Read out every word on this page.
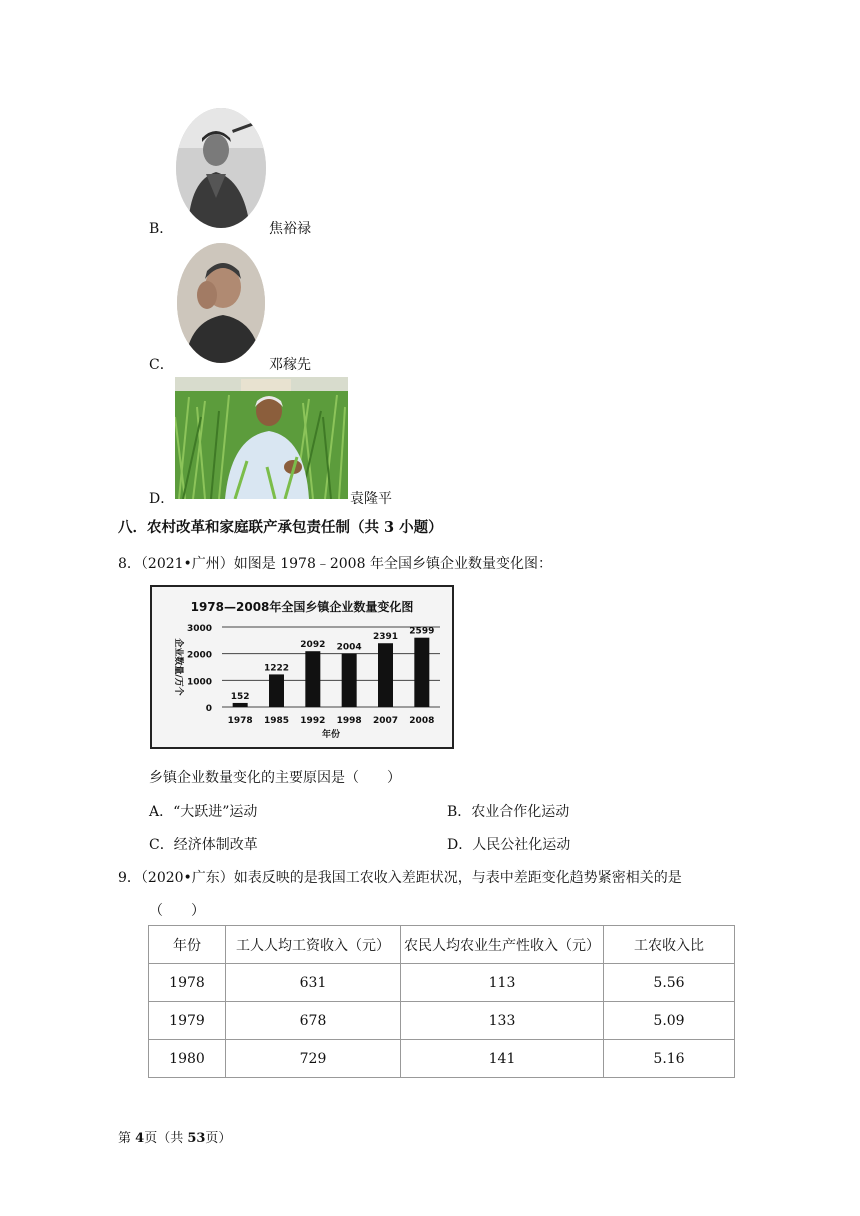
B．	焦裕禄
C．	邓稼先
D．	袁隆平
八．农村改革和家庭联产承包责任制（共 3 小题）
8．（2021•广州）如图是 1978﹣2008 年全国乡镇企业数量变化图：
1978—2008年全国乡镇企业数量变化图
0
1000
2000
3000
企业数量/万个
152
1978
1222
1985
2092
1992
2004
1998
2391
2007
2599
2008
年份
乡镇企业数量变化的主要原因是（　　）
A．“大跃进”运动	B．农业合作化运动
C．经济体制改革	D．人民公社化运动
9．（2020•广东）如表反映的是我国工农收入差距状况，与表中差距变化趋势紧密相关的是
（　　）
年份	工人人均工资收入（元）	农民人均农业生产性收入（元）	工农收入比
1978	631	113	5.56
1979	678	133	5.09
1980	729	141	5.16
第 4页（共 53页）
